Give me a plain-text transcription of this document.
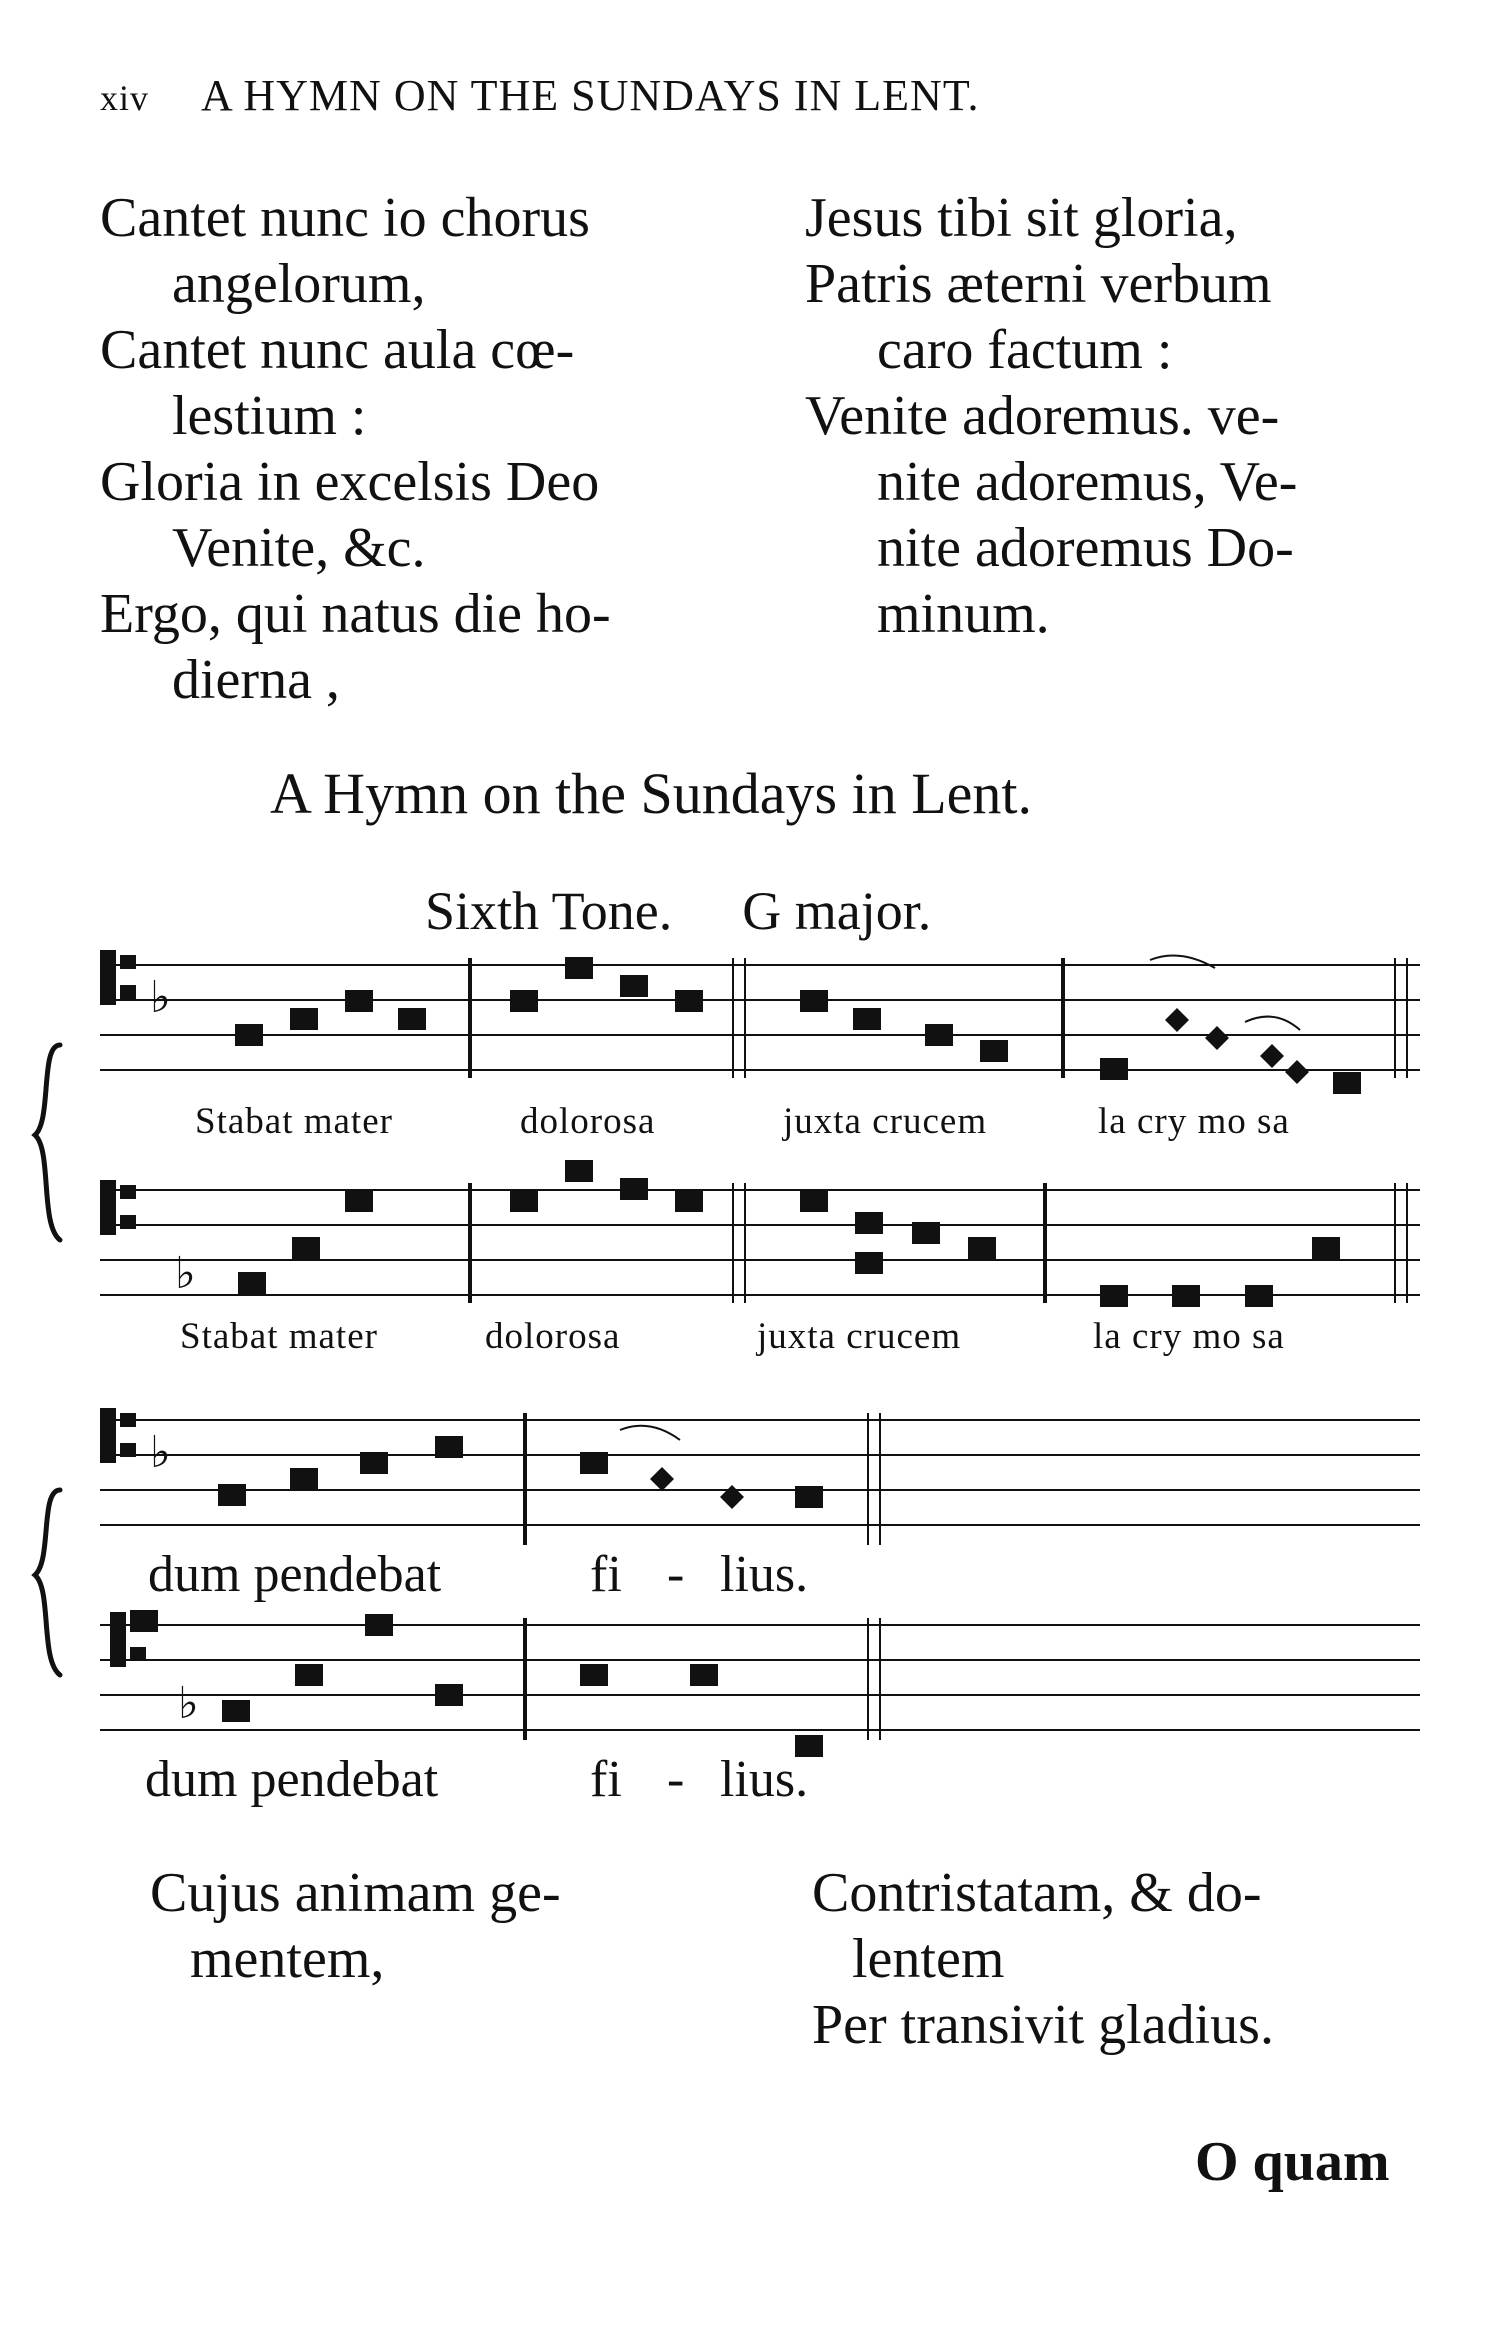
xiv A HYMN ON THE SUNDAYS IN LENT.
Cantet nunc io chorus
angelorum,
Cantet nunc aula cœ-
lestium :
Gloria in excelsis Deo
Venite, &c.
Ergo, qui natus die ho-
dierna ,
Jesus tibi sit gloria,
Patris æterni verbum
caro factum :
Venite adoremus. ve-
nite adoremus, Ve-
nite adoremus Do-
minum.
A Hymn on the Sundays in Lent.
Sixth Tone. G major.
♭
♭
♭
♭
Stabat mater	dolorosa	juxta crucem	la cry mo sa
Stabat mater	dolorosa	juxta crucem	la cry mo sa
dum pendebat	fi - lius.
dum pendebat	fi - lius.
Cujus animam ge-
mentem,
Contristatam, & do-
lentem
Per transivit gladius.
O quam
